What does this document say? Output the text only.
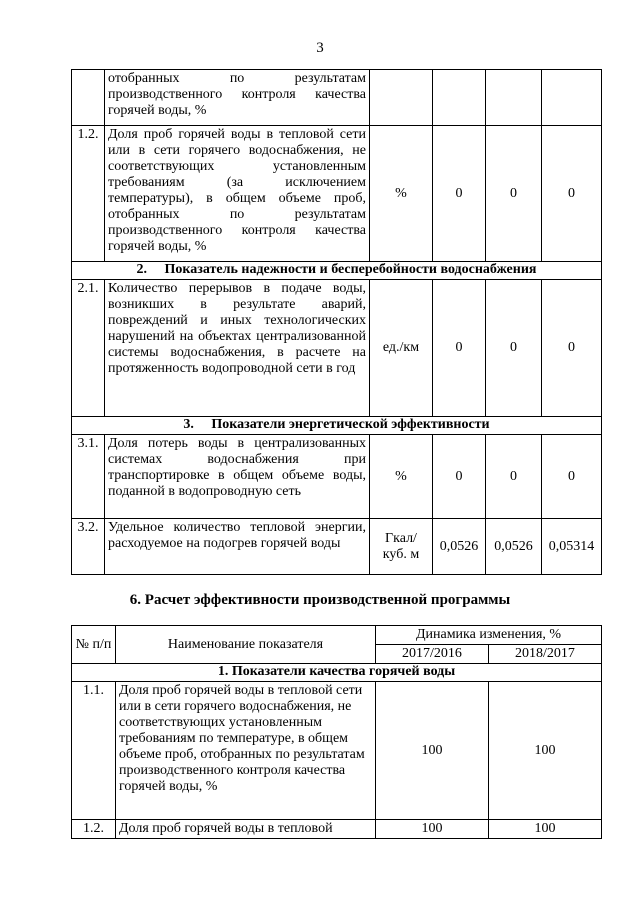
3
	отобранных по результатам производственного контроля качества горячей воды, %				
1.2.	Доля проб горячей воды в тепловой сети или в сети горячего водоснабжения, не соответствующих установленным требованиям (за исключением температуры), в общем объеме проб, отобранных по результатам производственного контроля качества горячей воды, %	%	0	0	0
2. Показатель надежности и бесперебойности водоснабжения					
2.1.	Количество перерывов в подаче воды, возникших в результате аварий, повреждений и иных технологических нарушений на объектах централизованной системы водоснабжения, в расчете на протяженность водопроводной сети в год	ед./км	0	0	0
3. Показатели энергетической эффективности					
3.1.	Доля потерь воды в централизованных системах водоснабжения при транспортировке в общем объеме воды, поданной в водопроводную сеть	%	0	0	0
3.2.	Удельное количество тепловой энергии, расходуемое на подогрев горячей воды	Гкал/ куб. м	0,0526	0,0526	0,05314
6. Расчет эффективности производственной программы
№ п/п	Наименование показателя	Динамика изменения, %	
		2017/2016	2018/2017
1. Показатели качества горячей воды			
1.1.	Доля проб горячей воды в тепловой сети или в сети горячего водоснабжения, не соответствующих установленным требованиям по температуре, в общем объеме проб, отобранных по результатам производственного контроля качества горячей воды, %	100	100
1.2.	Доля проб горячей воды в тепловой	100	100
